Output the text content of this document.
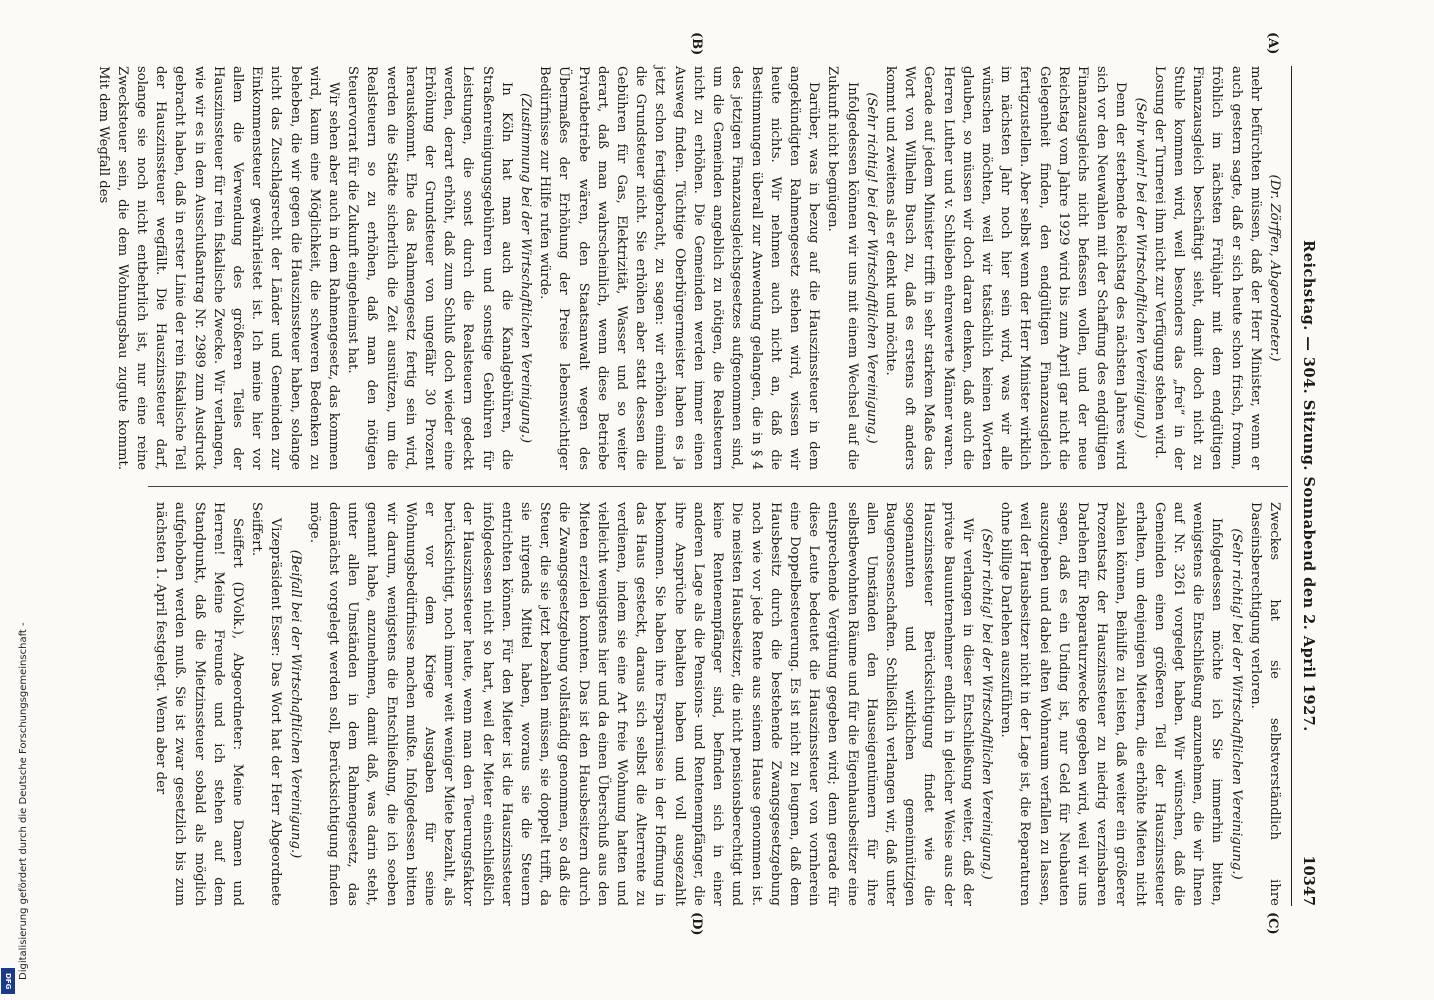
Reichstag. — 304. Sitzung. Sonnabend den 2. April 1927.
10347

(Dr. Zörffen, Abgeordneter.)

mehr befürchten müssen, daß der Herr Minister, wenn er auch gestern sagte, daß er sich heute schon frisch, fromm, fröhlich im nächsten Frühjahr mit dem endgültigen Finanzausgleich beschäftigt sieht, damit doch nicht zu Stuhle kommen wird, weil besonders das „frei“ in der Losung der Turnerei ihm nicht zur Verfügung stehen wird.

(Sehr wahr! bei der Wirtschaftlichen Vereinigung.)

Denn der sterbende Reichstag des nächsten Jahres wird sich vor den Neuwahlen mit der Schaffung des endgültigen Finanzausgleichs nicht befassen wollen, und der neue Reichstag vom Jahre 1929 wird bis zum April gar nicht die Gelegenheit finden, den endgültigen Finanzausgleich fertigzustellen. Aber selbst wenn der Herr Minister wirklich im nächsten Jahr noch hier sein wird, was wir alle wünschen möchten, weil wir tatsächlich keinen Worten glauben, so müssen wir doch daran denken, daß auch die Herren Luther und v. Schlieben ehrenwerte Männer waren. Gerade auf jedem Minister trifft in sehr starkem Maße das Wort von Wilhelm Busch zu, daß es erstens oft anders kommt und zweitens als er denkt und möchte.

(Sehr richtig! bei der Wirtschaftlichen Vereinigung.)

Infolgedessen können wir uns mit einem Wechsel auf die Zukunft nicht begnügen.

Darüber, was in bezug auf die Hauszinssteuer in dem angekündigten Rahmengesetz stehen wird, wissen wir heute nichts. Wir nehmen auch nicht an, daß die Bestimmungen überall zur Anwendung gelangen, die in § 4 des jetzigen Finanzausgleichsgesetzes aufgenommen sind, um die Gemeinden angeblich zu nötigen, die Realsteuern nicht zu erhöhen. Die Gemeinden werden immer einen Ausweg finden. Tüchtige Oberbürgermeister haben es ja jetzt schon fertiggebracht, zu sagen: wir erhöhen einmal die Grundsteuer nicht. Sie erhöhen aber statt dessen die Gebühren für Gas, Elektrizität, Wasser und so weiter derart, daß man wahrscheinlich, wenn diese Betriebe Privatbetriebe wären, den Staatsanwalt wegen des Übermaßes der Erhöhung der Preise lebenswichtiger Bedürfnisse zur Hilfe rufen würde.

(Zustimmung bei der Wirtschaftlichen Vereinigung.)

In Köln hat man auch die Kanalgebühren, die Straßenreinigungsgebühren und sonstige Gebühren für Leistungen, die sonst durch die Realsteuern gedeckt werden, derart erhöht, daß zum Schluß doch wieder eine Erhöhung der Grundsteuer von ungefähr 30 Prozent herauskommt. Ehe das Rahmengesetz fertig sein wird, werden die Städte sicherlich die Zeit ausnützen, um die Realsteuern so zu erhöhen, daß man den nötigen Steuervorrat für die Zukunft eingeheimst hat.

Wir sehen aber auch in dem Rahmengesetz, das kommen wird, kaum eine Möglichkeit, die schweren Bedenken zu beheben, die wir gegen die Hauszinssteuer haben, solange nicht das Zuschlagsrecht der Länder und Gemeinden zur Einkommensteuer gewährleistet ist. Ich meine hier vor allem die Verwendung des größeren Teiles der Hauszinssteuer für rein fiskalische Zwecke. Wir verlangen, wie wir es in dem Ausschußantrag Nr. 2989 zum Ausdruck gebracht haben, daß in erster Linie der rein fiskalische Teil der Hauszinssteuer wegfällt. Die Hauszinssteuer darf, solange sie noch nicht entbehrlich ist, nur eine reine Zwecksteuer sein, die dem Wohnungsbau zugute kommt. Mit dem Wegfall des

Zweckes hat sie selbstverständlich ihre Daseinsberechtigung verloren.

(Sehr richtig! bei der Wirtschaftlichen Vereinigung.)

Infolgedessen möchte ich Sie immerhin bitten, wenigstens die Entschließung anzunehmen, die wir Ihnen auf Nr. 3261 vorgelegt haben. Wir wünschen, daß die Gemeinden einen größeren Teil der Hauszinssteuer erhalten, um denjenigen Mietern, die erhöhte Mieten nicht zahlen können, Beihilfe zu leisten, daß weiter ein größerer Prozentsatz der Hauszinssteuer zu niedrig verzinsbaren Darlehen für Reparaturzwecke gegeben wird, weil wir uns sagen, daß es ein Unding ist, nur Geld für Neubauten auszugeben und dabei alten Wohnraum verfallen zu lassen, weil der Hausbesitzer nicht in der Lage ist, die Reparaturen ohne billige Darlehen auszuführen.

(Sehr richtig! bei der Wirtschaftlichen Vereinigung.)

Wir verlangen in dieser Entschließung weiter, daß der private Bauunternehmer endlich in gleicher Weise aus der Hauszinssteuer Berücksichtigung findet wie die sogenannten und wirklichen gemeinnützigen Baugenossenschaften. Schließlich verlangen wir, daß unter allen Umständen den Hauseigentümern für ihre selbstbewohnten Räume und für die Eigenhausbesitzer eine entsprechende Vergütung gegeben wird; denn gerade für diese Leute bedeutet die Hauszinssteuer von vornherein eine Doppelbesteuerung. Es ist nicht zu leugnen, daß dem Hausbesitz durch die bestehende Zwangsgesetzgebung noch wie vor jede Rente aus seinem Hause genommen ist. Die meisten Hausbesitzer, die nicht pensionsberechtigt und keine Rentenempfänger sind, befinden sich in einer anderen Lage als die Pensions- und Rentenempfänger, die ihre Ansprüche behalten haben und voll ausgezahlt bekommen. Sie haben ihre Ersparnisse in der Hoffnung in das Haus gesteckt, daraus sich selbst die Alterrente zu verdienen, indem sie eine Art freie Wohnung hatten und vielleicht wenigstens hier und da einen Überschuß aus den Mieten erzielen konnten. Das ist den Hausbesitzern durch die Zwangsgesetzgebung vollständig genommen, so daß die Steuer, die sie jetzt bezahlen müssen, sie doppelt trifft, da sie nirgends Mittel haben, woraus sie die Steuern entrichten können. Für den Mieter ist die Hauszinssteuer infolgedessen nicht so hart, weil der Mieter einschließlich der Hauszinssteuer heute, wenn man den Teuerungsfaktor berücksichtigt, noch immer weit weniger Miete bezahlt, als er vor dem Kriege Ausgaben für seine Wohnungsbedürfnisse machen mußte. Infolgedessen bitten wir darum, wenigstens die Entschließung, die ich soeben genannt habe, anzunehmen, damit daß, was darin steht, unter allen Umständen in dem Rahmengesetz, das demnächst vorgelegt werden soll, Berücksichtigung finden möge.

(Beifall bei der Wirtschaftlichen Vereinigung.)

Vizepräsident Esser: Das Wort hat der Herr Abgeordnete Seiffert.

Seiffert (DVolk.), Abgeordneter: Meine Damen und Herren! Meine Freunde und ich stehen auf dem Standpunkt, daß die Mietzinssteuer sobald als möglich aufgehoben werden muß. Sie ist zwar gesetzlich bis zum nächsten 1. April festgelegt. Wenn aber der

(A)
(B)
(C)
(D)
Digitalisierung gefördert durch die Deutsche Forschungsgemeinschaft -
DFG
